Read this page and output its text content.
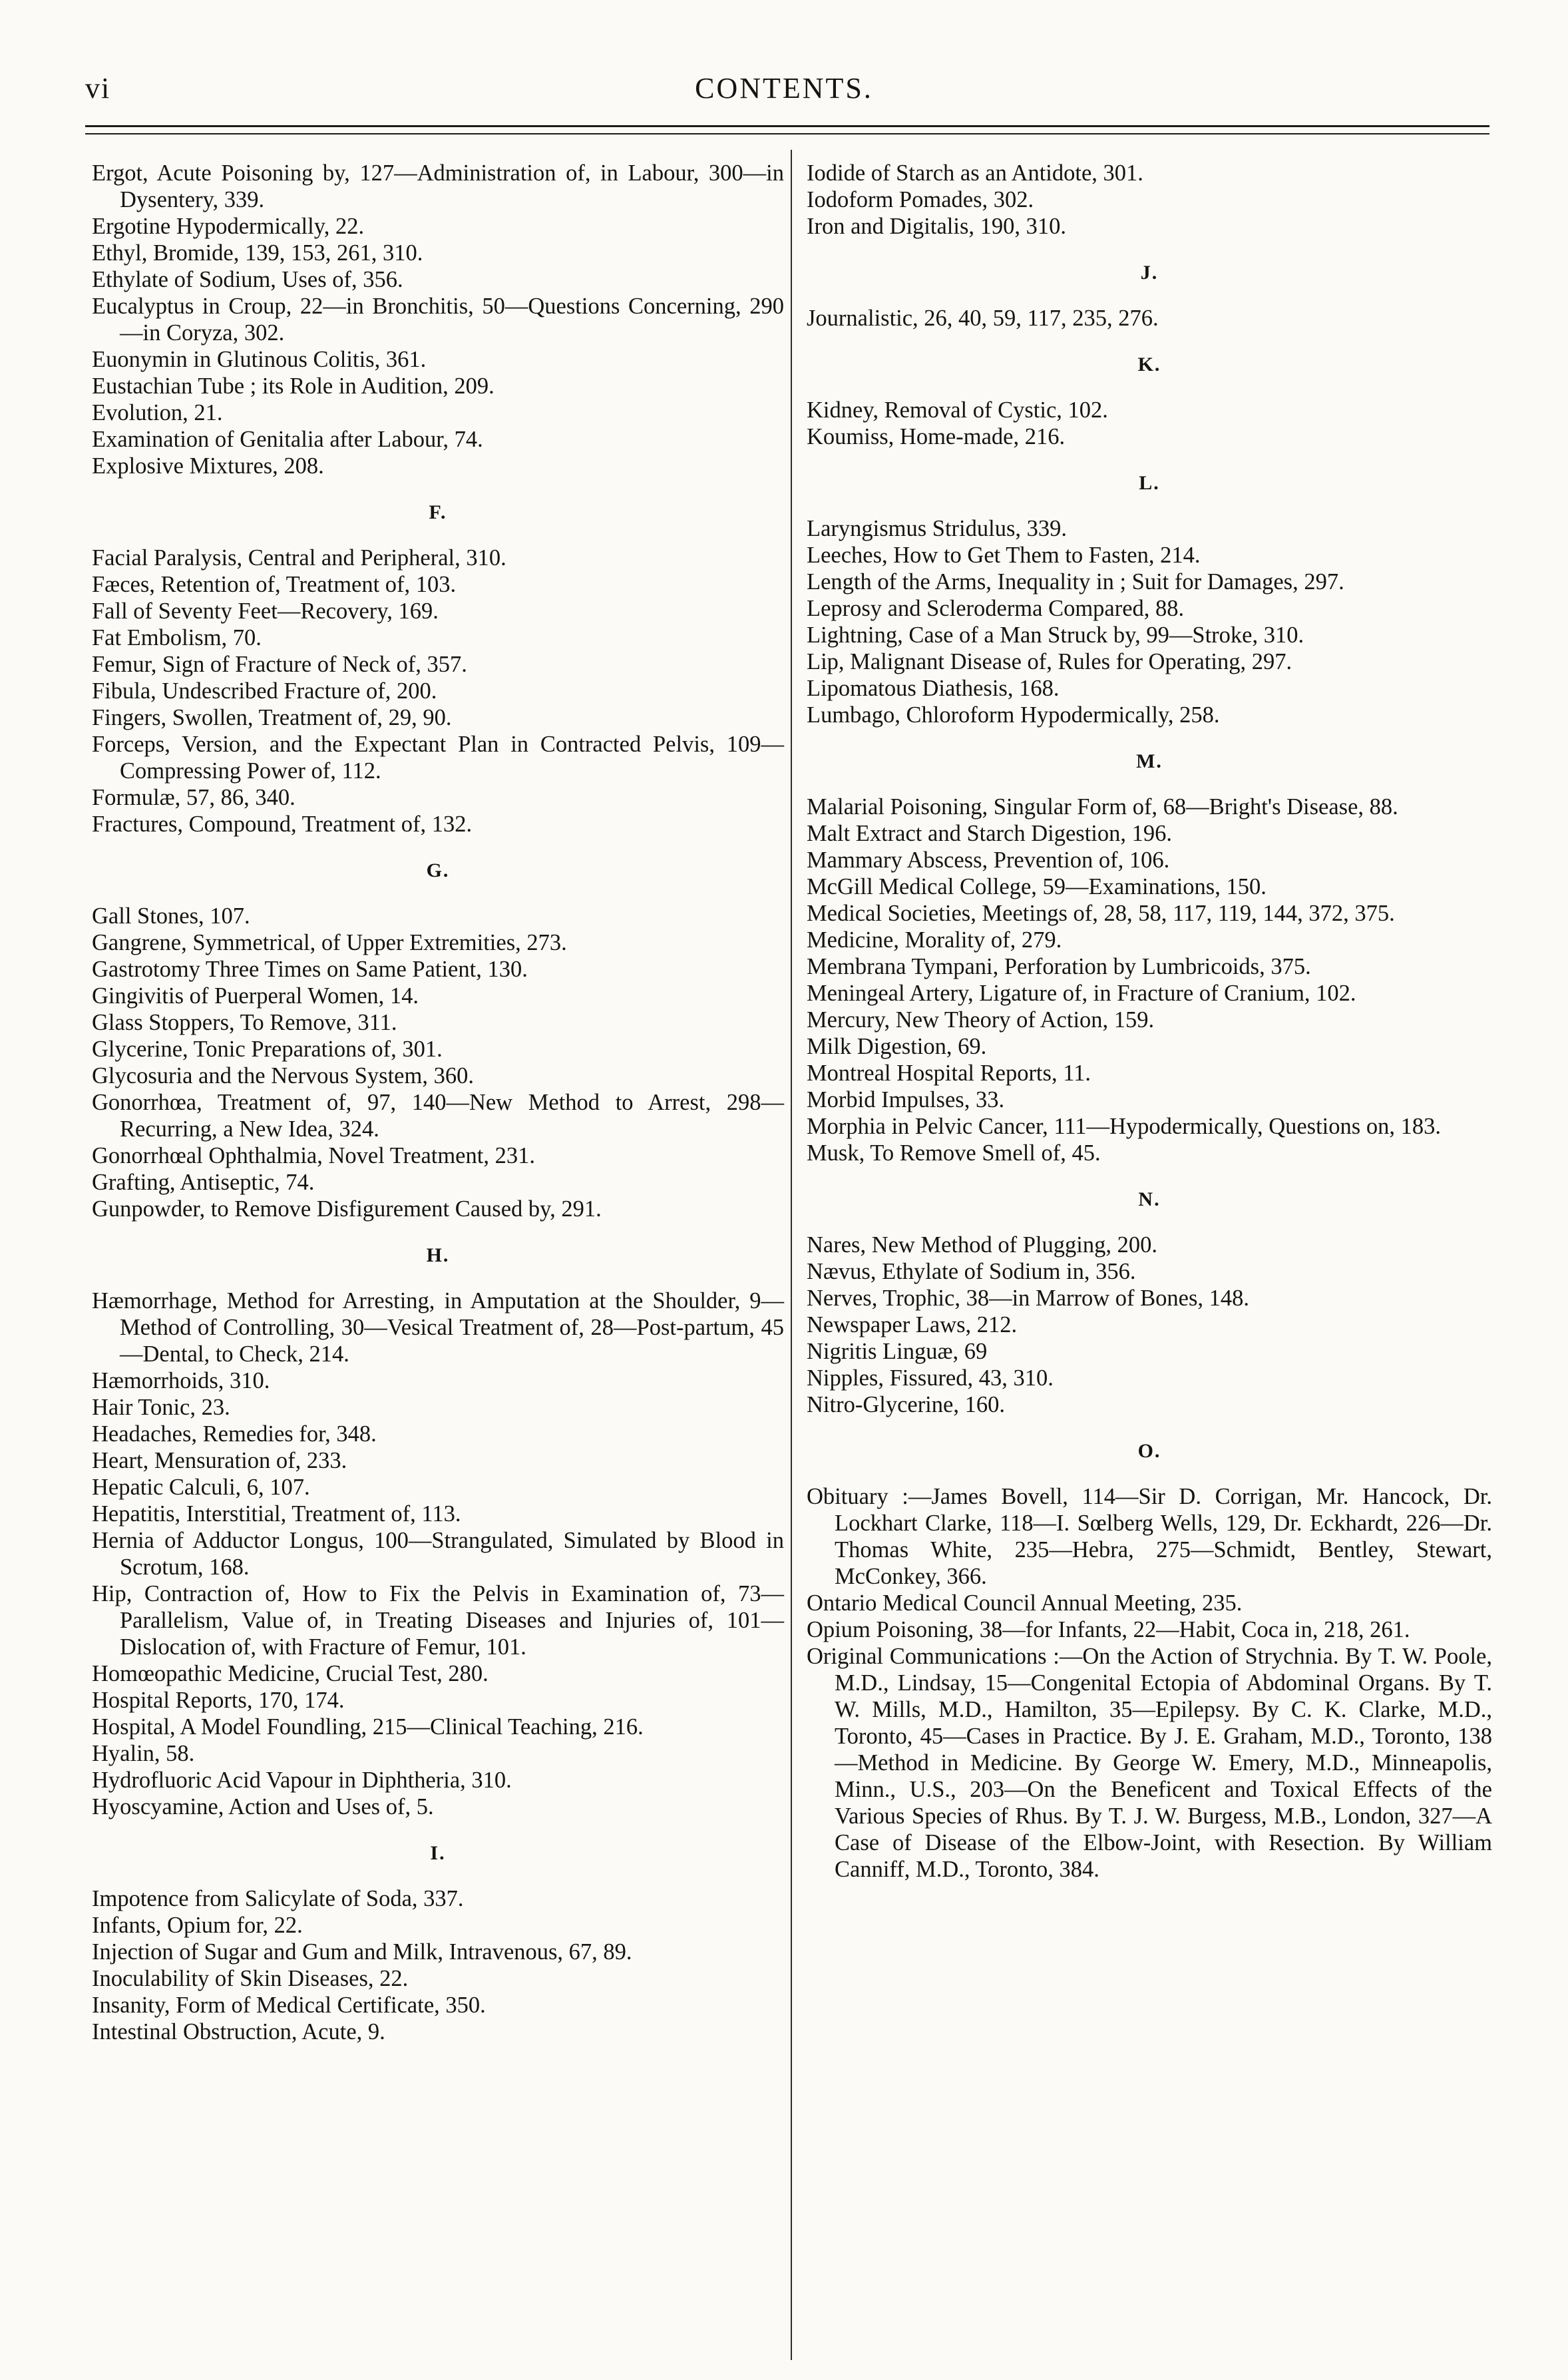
vi	CONTENTS.

Ergot, Acute Poisoning by, 127—Administration of, in Labour, 300—in Dysentery, 339.

Ergotine Hypodermically, 22.

Ethyl, Bromide, 139, 153, 261, 310.

Ethylate of Sodium, Uses of, 356.

Eucalyptus in Croup, 22—in Bronchitis, 50—Questions Concerning, 290—in Coryza, 302.

Euonymin in Glutinous Colitis, 361.

Eustachian Tube ; its Role in Audition, 209.

Evolution, 21.

Examination of Genitalia after Labour, 74.

Explosive Mixtures, 208.

F.

Facial Paralysis, Central and Peripheral, 310.

Fæces, Retention of, Treatment of, 103.

Fall of Seventy Feet—Recovery, 169.

Fat Embolism, 70.

Femur, Sign of Fracture of Neck of, 357.

Fibula, Undescribed Fracture of, 200.

Fingers, Swollen, Treatment of, 29, 90.

Forceps, Version, and the Expectant Plan in Contracted Pelvis, 109—Compressing Power of, 112.

Formulæ, 57, 86, 340.

Fractures, Compound, Treatment of, 132.

G.

Gall Stones, 107.

Gangrene, Symmetrical, of Upper Extremities, 273.

Gastrotomy Three Times on Same Patient, 130.

Gingivitis of Puerperal Women, 14.

Glass Stoppers, To Remove, 311.

Glycerine, Tonic Preparations of, 301.

Glycosuria and the Nervous System, 360.

Gonorrhœa, Treatment of, 97, 140—New Method to Arrest, 298—Recurring, a New Idea, 324.

Gonorrhœal Ophthalmia, Novel Treatment, 231.

Grafting, Antiseptic, 74.

Gunpowder, to Remove Disfigurement Caused by, 291.

H.

Hæmorrhage, Method for Arresting, in Amputation at the Shoulder, 9—Method of Controlling, 30—Vesical Treatment of, 28—Post-partum, 45—Dental, to Check, 214.

Hæmorrhoids, 310.

Hair Tonic, 23.

Headaches, Remedies for, 348.

Heart, Mensuration of, 233.

Hepatic Calculi, 6, 107.

Hepatitis, Interstitial, Treatment of, 113.

Hernia of Adductor Longus, 100—Strangulated, Simulated by Blood in Scrotum, 168.

Hip, Contraction of, How to Fix the Pelvis in Examination of, 73—Parallelism, Value of, in Treating Diseases and Injuries of, 101—Dislocation of, with Fracture of Femur, 101.

Homœopathic Medicine, Crucial Test, 280.

Hospital Reports, 170, 174.

Hospital, A Model Foundling, 215—Clinical Teaching, 216.

Hyalin, 58.

Hydrofluoric Acid Vapour in Diphtheria, 310.

Hyoscyamine, Action and Uses of, 5.

I.

Impotence from Salicylate of Soda, 337.

Infants, Opium for, 22.

Injection of Sugar and Gum and Milk, Intravenous, 67, 89.

Inoculability of Skin Diseases, 22.

Insanity, Form of Medical Certificate, 350.

Intestinal Obstruction, Acute, 9.

Iodide of Starch as an Antidote, 301.

Iodoform Pomades, 302.

Iron and Digitalis, 190, 310.

J.

Journalistic, 26, 40, 59, 117, 235, 276.

K.

Kidney, Removal of Cystic, 102.

Koumiss, Home-made, 216.

L.

Laryngismus Stridulus, 339.

Leeches, How to Get Them to Fasten, 214.

Length of the Arms, Inequality in ; Suit for Damages, 297.

Leprosy and Scleroderma Compared, 88.

Lightning, Case of a Man Struck by, 99—Stroke, 310.

Lip, Malignant Disease of, Rules for Operating, 297.

Lipomatous Diathesis, 168.

Lumbago, Chloroform Hypodermically, 258.

M.

Malarial Poisoning, Singular Form of, 68—Bright's Disease, 88.

Malt Extract and Starch Digestion, 196.

Mammary Abscess, Prevention of, 106.

McGill Medical College, 59—Examinations, 150.

Medical Societies, Meetings of, 28, 58, 117, 119, 144, 372, 375.

Medicine, Morality of, 279.

Membrana Tympani, Perforation by Lumbricoids, 375.

Meningeal Artery, Ligature of, in Fracture of Cranium, 102.

Mercury, New Theory of Action, 159.

Milk Digestion, 69.

Montreal Hospital Reports, 11.

Morbid Impulses, 33.

Morphia in Pelvic Cancer, 111—Hypodermically, Questions on, 183.

Musk, To Remove Smell of, 45.

N.

Nares, New Method of Plugging, 200.

Nævus, Ethylate of Sodium in, 356.

Nerves, Trophic, 38—in Marrow of Bones, 148.

Newspaper Laws, 212.

Nigritis Linguæ, 69

Nipples, Fissured, 43, 310.

Nitro-Glycerine, 160.

O.

Obituary :—James Bovell, 114—Sir D. Corrigan, Mr. Hancock, Dr. Lockhart Clarke, 118—I. Sœlberg Wells, 129, Dr. Eckhardt, 226—Dr. Thomas White, 235—Hebra, 275—Schmidt, Bentley, Stewart, McConkey, 366.

Ontario Medical Council Annual Meeting, 235.

Opium Poisoning, 38—for Infants, 22—Habit, Coca in, 218, 261.

Original Communications :—On the Action of Strychnia. By T. W. Poole, M.D., Lindsay, 15—Congenital Ectopia of Abdominal Organs. By T. W. Mills, M.D., Hamilton, 35—Epilepsy. By C. K. Clarke, M.D., Toronto, 45—Cases in Practice. By J. E. Graham, M.D., Toronto, 138—Method in Medicine. By George W. Emery, M.D., Minneapolis, Minn., U.S., 203—On the Beneficent and Toxical Effects of the Various Species of Rhus. By T. J. W. Burgess, M.B., London, 327—A Case of Disease of the Elbow-Joint, with Resection. By William Canniff, M.D., Toronto, 384.
